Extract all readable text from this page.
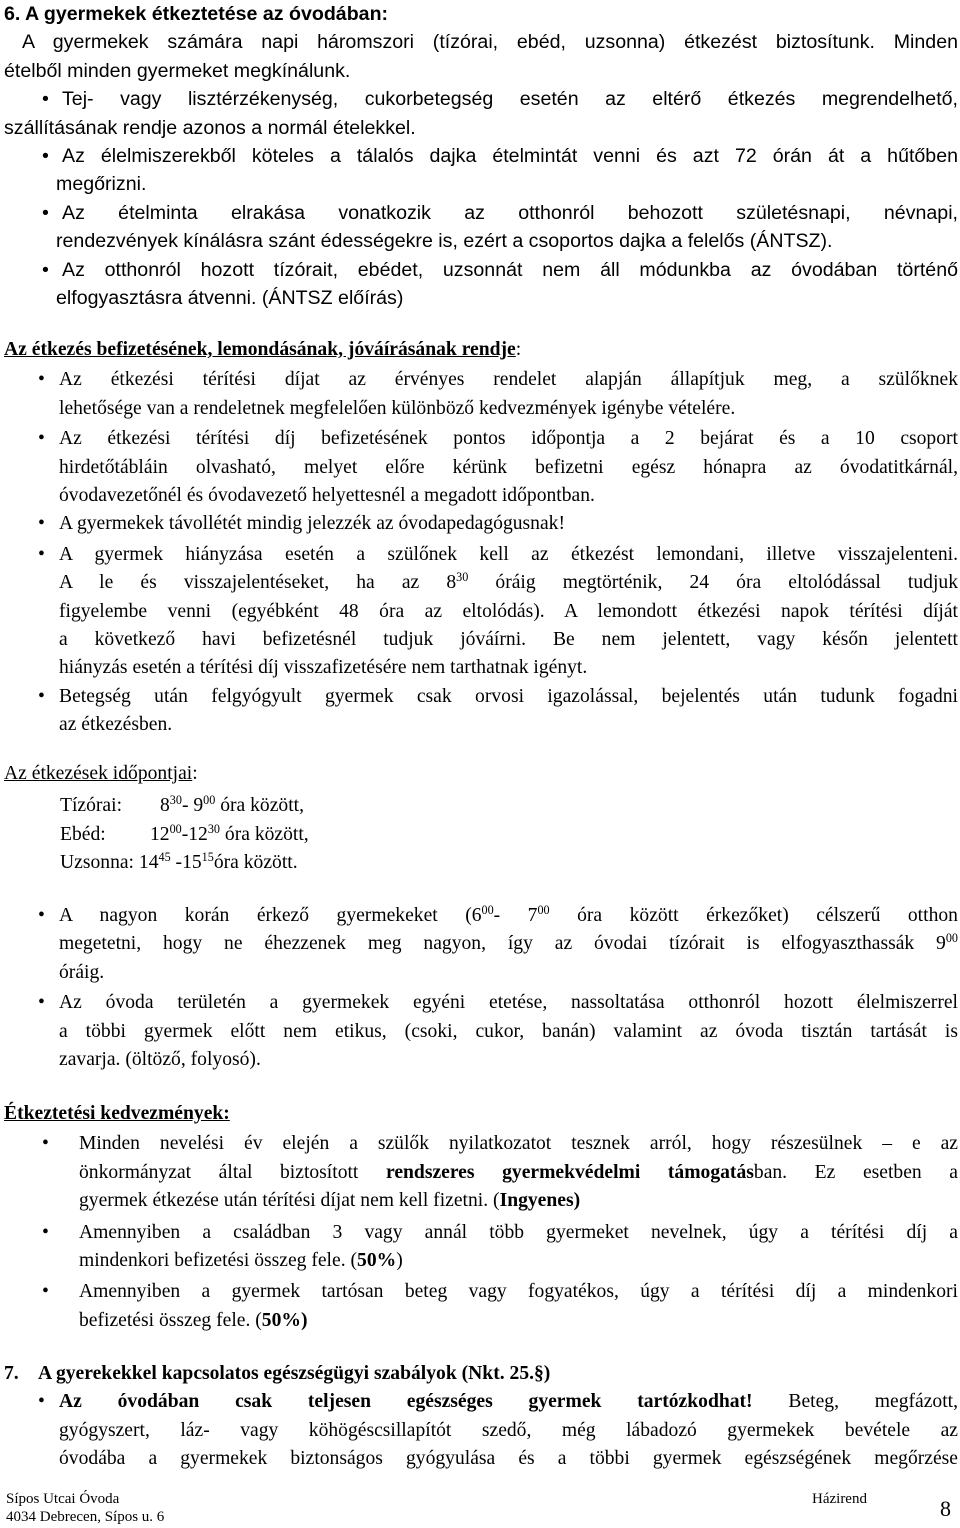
6. A gyermekek étkeztetése az óvodában:
A gyermekek számára napi háromszori (tízórai, ebéd, uzsonna) étkezést biztosítunk. Minden
ételből minden gyermeket megkínálunk.
• Tej- vagy lisztérzékenység, cukorbetegség esetén az eltérő étkezés megrendelhető,
szállításának rendje azonos a normál ételekkel.
• Az élelmiszerekből köteles a tálalós dajka ételmintát venni és azt 72 órán át a hűtőben
megőrizni.
• Az ételminta elrakása vonatkozik az otthonról behozott születésnapi, névnapi,
rendezvények kínálásra szánt édességekre is, ezért a csoportos dajka a felelős (ÁNTSZ).
• Az otthonról hozott tízórait, ebédet, uzsonnát nem áll módunkba az óvodában történő
elfogyasztásra átvenni. (ÁNTSZ előírás)
Az étkezés befizetésének, lemondásának, jóváírásának rendje:
• Az étkezési térítési díjat az érvényes rendelet alapján állapítjuk meg, a szülőknek
lehetősége van a rendeletnek megfelelően különböző kedvezmények igénybe vételére.
• Az étkezési térítési díj befizetésének pontos időpontja a 2 bejárat és a 10 csoport
hirdetőtábláin olvasható, melyet előre kérünk befizetni egész hónapra az óvodatitkárnál,
óvodavezetőnél és óvodavezető helyettesnél a megadott időpontban.
• A gyermekek távollétét mindig jelezzék az óvodapedagógusnak!
• A gyermek hiányzása esetén a szülőnek kell az étkezést lemondani, illetve visszajelenteni.
A le és visszajelentéseket, ha az $8^{30}$ óráig megtörténik, 24 óra eltolódással tudjuk
figyelembe venni (egyébként 48 óra az eltolódás). A lemondott étkezési napok térítési díját
a következő havi befizetésnél tudjuk jóváírni. Be nem jelentett, vagy későn jelentett
hiányzás esetén a térítési díj visszafizetésére nem tarthatnak igényt.
• Betegség után felgyógyult gyermek csak orvosi igazolással, bejelentés után tudunk fogadni
az étkezésben.
Az étkezések időpontjai:
Tízórai: $8^{30}-$ $9^{00}$ óra között,
Ebéd: $12^{00}-12^{30}$ óra között,
Uzsonna: $14^{45}$ $-15^{15}óra$ között.
• A nagyon korán érkező gyermekeket ($6^{00}-$ $7^{00}$ óra között érkezőket) célszerű otthon
megetetni, hogy ne éhezzenek meg nagyon, így az óvodai tízórait is elfogyaszthassák $9^{00}$
óráig.
• Az óvoda területén a gyermekek egyéni etetése, nassoltatása otthonról hozott élelmiszerrel
a többi gyermek előtt nem etikus, (csoki, cukor, banán) valamint az óvoda tisztán tartását is
zavarja. (öltöző, folyosó).
Étkeztetési kedvezmények:
•	Minden nevelési év elején a szülők nyilatkozatot tesznek arról, hogy részesülnek – e az
önkormányzat által biztosított rendszeres gyermekvédelmi támogatásban. Ez esetben a
gyermek étkezése után térítési díjat nem kell fizetni. (Ingyenes)
•	Amennyiben a családban 3 vagy annál több gyermeket nevelnek, úgy a térítési díj a
mindenkori befizetési összeg fele. (50%)
•	Amennyiben a gyermek tartósan beteg vagy fogyatékos, úgy a térítési díj a mindenkori
befizetési összeg fele. (50%)
7. A gyerekekkel kapcsolatos egészségügyi szabályok (Nkt. 25.§)
• Az óvodában csak teljesen egészséges gyermek tartózkodhat! Beteg, megfázott,
gyógyszert, láz- vagy köhögéscsillapítót szedő, még lábadozó gyermekek bevétele az
óvodába a gyermekek biztonságos gyógyulása és a többi gyermek egészségének megőrzése
Sípos Utcai Óvoda
4034 Debrecen, Sípos u. 6
Házirend	8
